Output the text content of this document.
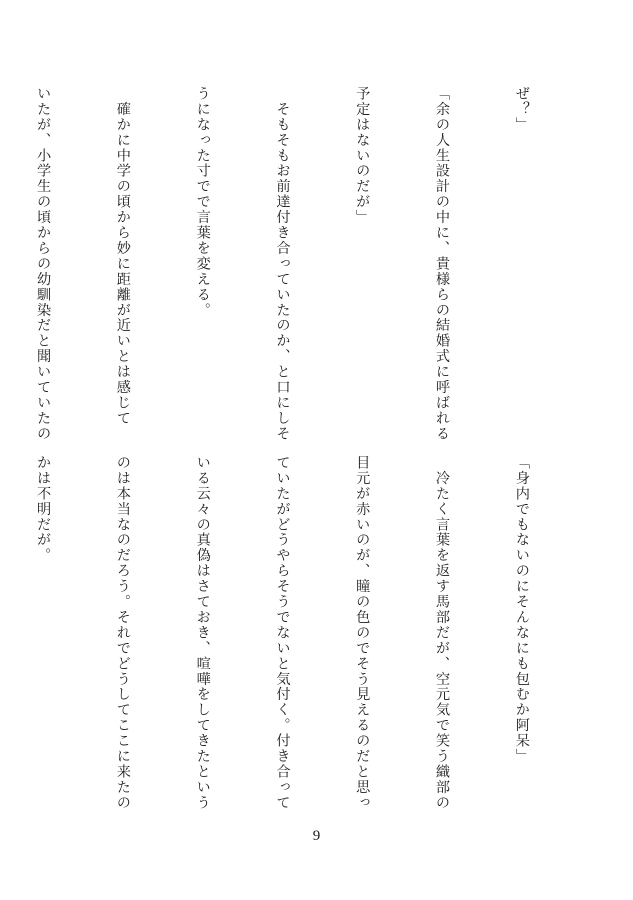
ぜ？」

「余の人生設計の中に、貴様らの結婚式に呼ばれる

予定はないのだが」

　そもそもお前達付き合っていたのか、と口にしそ

うになった寸でで言葉を変える。

　確かに中学の頃から妙に距離が近いとは感じて

いたが、小学生の頃からの幼馴染だと聞いていたの

「身内でもないのにそんなにも包むか阿呆」

　冷たく言葉を返す馬部だが、空元気で笑う織部の

目元が赤いのが、瞳の色のでそう見えるのだと思っ

ていたがどうやらそうでないと気付く。付き合って

いる云々の真偽はさておき、喧嘩をしてきたという

のは本当なのだろう。それでどうしてここに来たの

かは不明だが。

9
